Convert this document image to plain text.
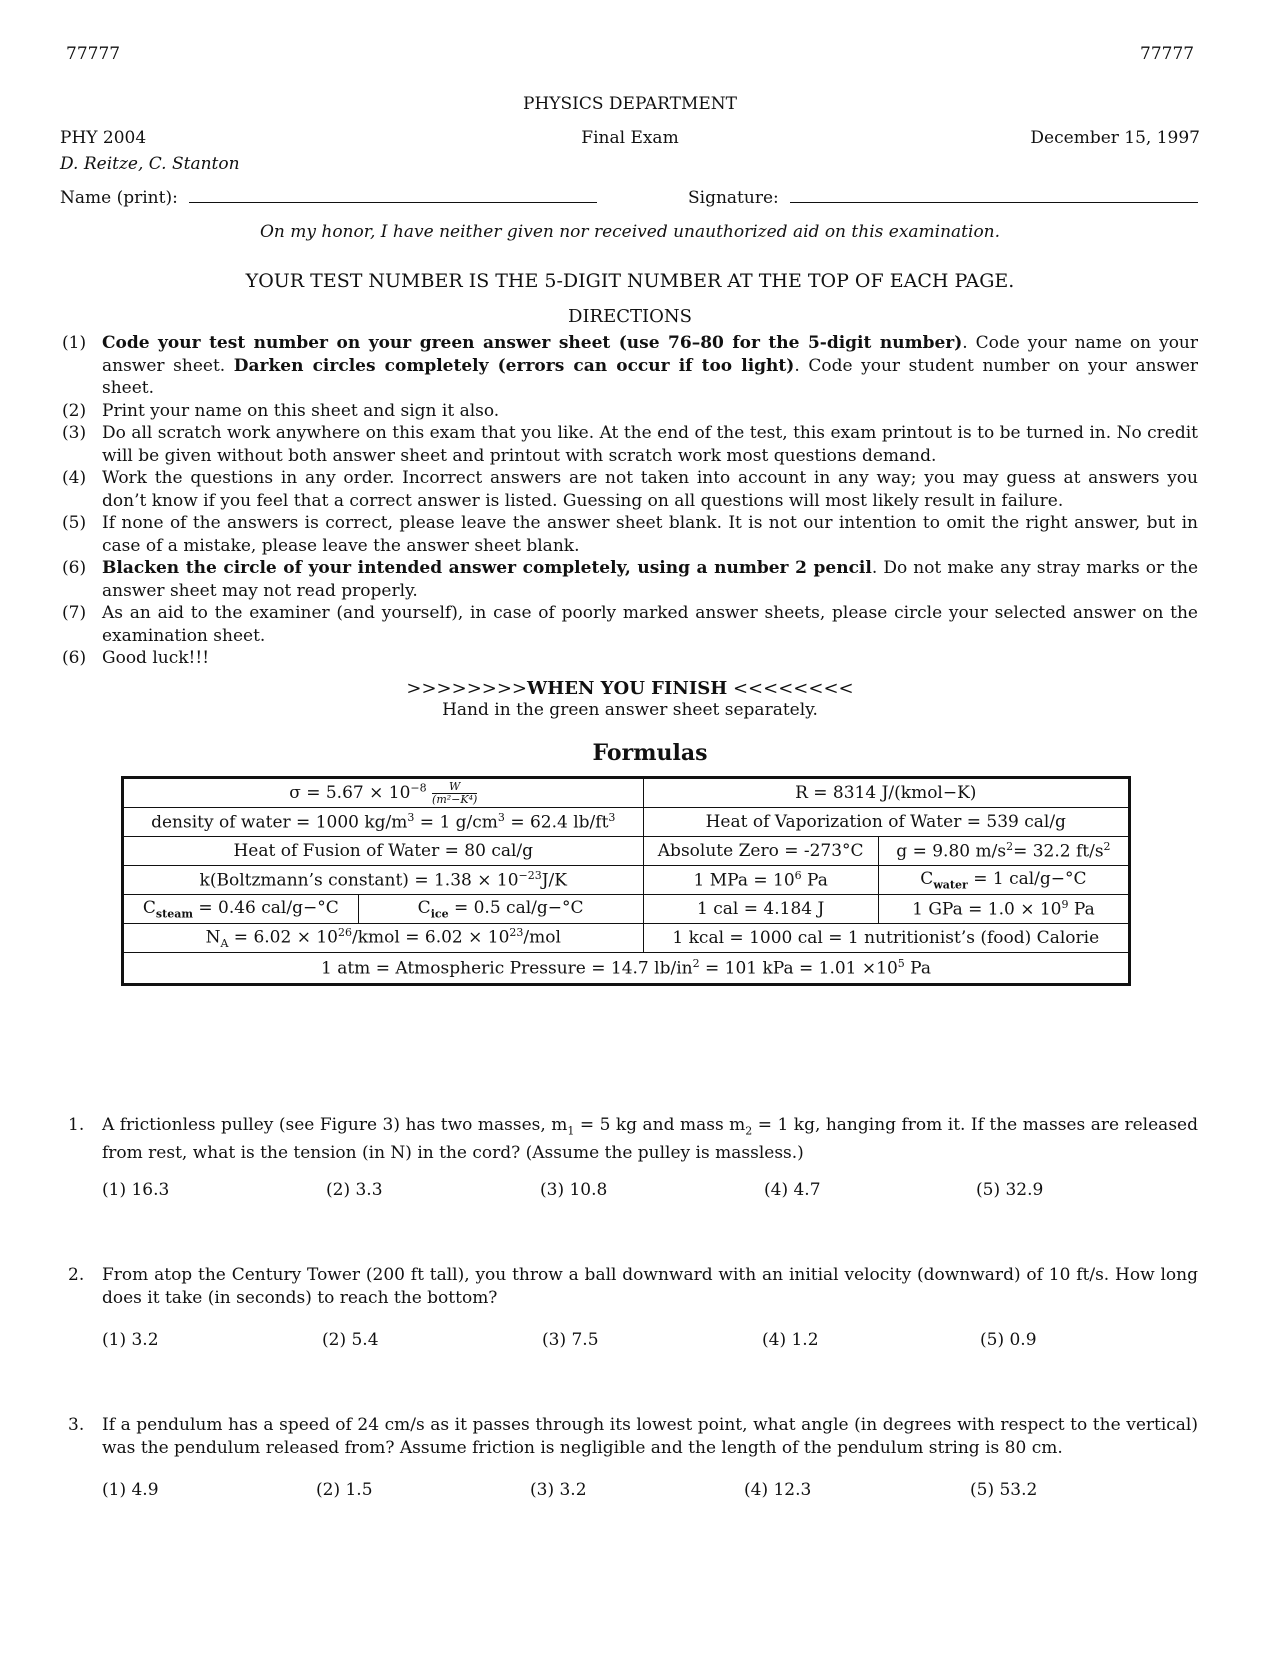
77777	77777
PHYSICS DEPARTMENT
PHY 2004	Final Exam	December 15, 1997
D. Reitze, C. Stanton
Name (print):	Signature:
On my honor, I have neither given nor received unauthorized aid on this examination.
YOUR TEST NUMBER IS THE 5-DIGIT NUMBER AT THE TOP OF EACH PAGE.
DIRECTIONS
(1) Code your test number on your green answer sheet (use 76–80 for the 5-digit number). Code your name on your answer sheet. Darken circles completely (errors can occur if too light). Code your student number on your answer sheet.
(2) Print your name on this sheet and sign it also.
(3) Do all scratch work anywhere on this exam that you like. At the end of the test, this exam printout is to be turned in. No credit will be given without both answer sheet and printout with scratch work most questions demand.
(4) Work the questions in any order. Incorrect answers are not taken into account in any way; you may guess at answers you don’t know if you feel that a correct answer is listed. Guessing on all questions will most likely result in failure.
(5) If none of the answers is correct, please leave the answer sheet blank. It is not our intention to omit the right answer, but in case of a mistake, please leave the answer sheet blank.
(6) Blacken the circle of your intended answer completely, using a number 2 pencil. Do not make any stray marks or the answer sheet may not read properly.
(7) As an aid to the examiner (and yourself), in case of poorly marked answer sheets, please circle your selected answer on the examination sheet.
(6) Good luck!!!
>>>>>>>>WHEN YOU FINISH <<<<<<<<
Hand in the green answer sheet separately.
Formulas
$\sigma = 5.67 \times 10^{-8} \frac{W}{\text{(m²−K⁴)}}$		R = 8314 J/(kmol−K)	
density of water = 1000 $kg/m^3 = 1$ $g/cm^3 = 62.4$ $lb/ft^3$		Heat of Vaporization of Water = 539 cal/g	
Heat of Fusion of Water = 80 cal/g		Absolute Zero = -273°C	g = 9.80 $m/s^2= 32.2$ $ft/s^2$
k(Boltzmann’s constant) = $1.38 \times 10^{-23}J/K$		1 MPa = $10^6$ Pa	$C_{water} = 1$ cal/g−°C
$C_{steam} = 0.46$ cal/g−°C	$C_{ice} = 0.5$ cal/g−°C	1 cal = 4.184 J	1 GPa = $1.0 \times 10^9$ Pa
$N_A = 6.02$ × $10^{26}$/kmol = $6.02 \times 10^{23}$/mol		1 kcal = 1000 cal = 1 nutritionist’s (food) Calorie	
1 atm = Atmospheric Pressure = 14.7 $lb/in^2 = 101$ kPa = $1.01 \times 10^5$ Pa			
1.	A frictionless pulley (see Figure 3) has two masses, $m_1 = 5$ kg and mass $m_2 = 1$ kg, hanging from it. If the masses are released from rest, what is the tension (in N) in the cord? (Assume the pulley is massless.)
(1) 16.3	(2) 3.3	(3) 10.8	(4) 4.7	(5) 32.9
2.	From atop the Century Tower (200 ft tall), you throw a ball downward with an initial velocity (downward) of 10 ft/s. How long does it take (in seconds) to reach the bottom?
(1) 3.2	(2) 5.4	(3) 7.5	(4) 1.2	(5) 0.9
3.	If a pendulum has a speed of 24 cm/s as it passes through its lowest point, what angle (in degrees with respect to the vertical) was the pendulum released from? Assume friction is negligible and the length of the pendulum string is 80 cm.
(1) 4.9	(2) 1.5	(3) 3.2	(4) 12.3	(5) 53.2
